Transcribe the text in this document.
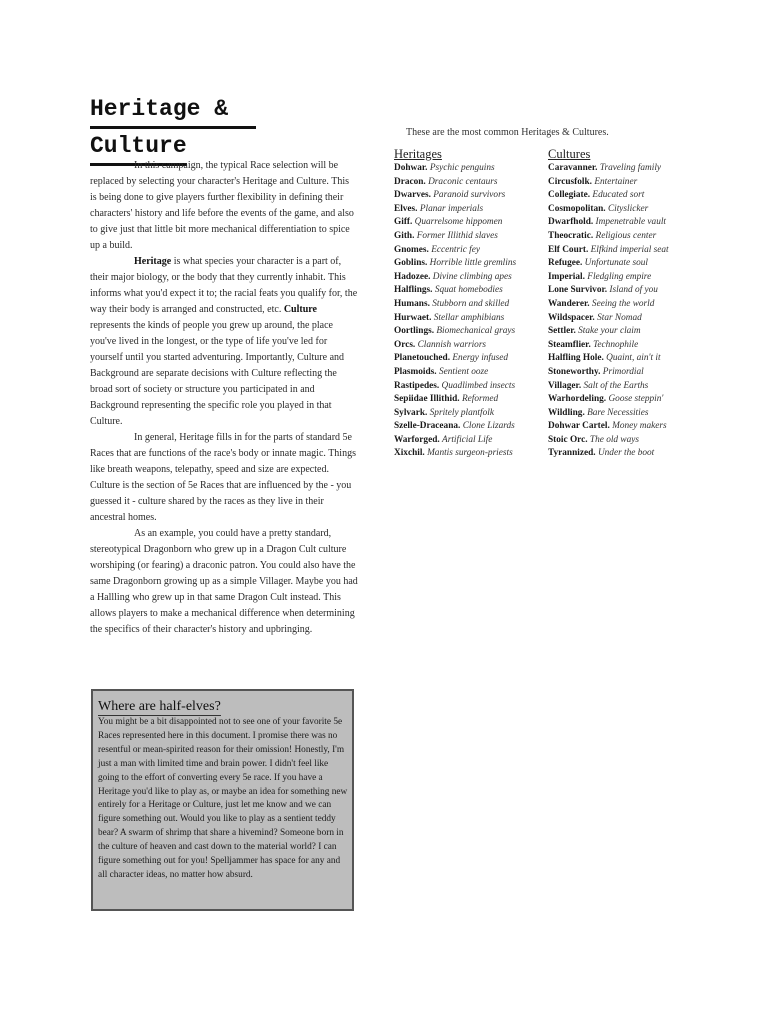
Heritage &
Culture

In this campaign, the typical Race selection will be replaced by selecting your character's Heritage and Culture. This is being done to give players further flexibility in defining their characters' history and life before the events of the game, and also to give just that little bit more mechanical differentiation to spice up a build.

Heritage is what species your character is a part of, their major biology, or the body that they currently inhabit. This informs what you'd expect it to; the racial feats you qualify for, the way their body is arranged and constructed, etc. Culture represents the kinds of people you grew up around, the place you've lived in the longest, or the type of life you've led for yourself until you started adventuring. Importantly, Culture and Background are separate decisions with Culture reflecting the broad sort of society or structure you participated in and Background representing the specific role you played in that Culture.

In general, Heritage fills in for the parts of standard 5e Races that are functions of the race's body or innate magic. Things like breath weapons, telepathy, speed and size are expected. Culture is the section of 5e Races that are influenced by the - you guessed it - culture shared by the races as they live in their ancestral homes.

As an example, you could have a pretty standard, stereotypical Dragonborn who grew up in a Dragon Cult culture worshiping (or fearing) a draconic patron. You could also have the same Dragonborn growing up as a simple Villager. Maybe you had a Hallling who grew up in that same Dragon Cult instead. This allows players to make a mechanical difference when determining the specifics of their character's history and upbringing.

Where are half-elves?

You might be a bit disappointed not to see one of your favorite 5e Races represented here in this document. I promise there was no resentful or mean-spirited reason for their omission! Honestly, I'm just a man with limited time and brain power. I didn't feel like going to the effort of converting every 5e race. If you have a Heritage you'd like to play as, or maybe an idea for something new entirely for a Heritage or Culture, just let me know and we can figure something out. Would you like to play as a sentient teddy bear? A swarm of shrimp that share a hivemind? Someone born in the culture of heaven and cast down to the material world? I can figure something out for you! Spelljammer has space for any and all character ideas, no matter how absurd.

These are the most common Heritages & Cultures.

Heritages
Dohwar. Psychic penguins
Dracon. Draconic centaurs
Dwarves. Paranoid survivors
Elves. Planar imperials
Giff. Quarrelsome hippomen
Gith. Former Illithid slaves
Gnomes. Eccentric fey
Goblins. Horrible little gremlins
Hadozee. Divine climbing apes
Halflings. Squat homebodies
Humans. Stubborn and skilled
Hurwaet. Stellar amphibians
Oortlings. Biomechanical grays
Orcs. Clannish warriors
Planetouched. Energy infused
Plasmoids. Sentient ooze
Rastipedes. Quadlimbed insects
Sepiidae Illithid. Reformed
Sylvark. Spritely plantfolk
Szelle-Draceana. Clone Lizards
Warforged. Artificial Life
Xixchil. Mantis surgeon-priests
Cultures
Caravanner. Traveling family
Circusfolk. Entertainer
Collegiate. Educated sort
Cosmopolitan. Cityslicker
Dwarfhold. Impenetrable vault
Theocratic. Religious center
Elf Court. Elfkind imperial seat
Refugee. Unfortunate soul
Imperial. Fledgling empire
Lone Survivor. Island of you
Wanderer. Seeing the world
Wildspacer. Star Nomad
Settler. Stake your claim
Steamflier. Technophile
Halfling Hole. Quaint, ain't it
Stoneworthy. Primordial
Villager. Salt of the Earths
Warhordeling. Goose steppin'
Wildling. Bare Necessities
Dohwar Cartel. Money makers
Stoic Orc. The old ways
Tyrannized. Under the boot
